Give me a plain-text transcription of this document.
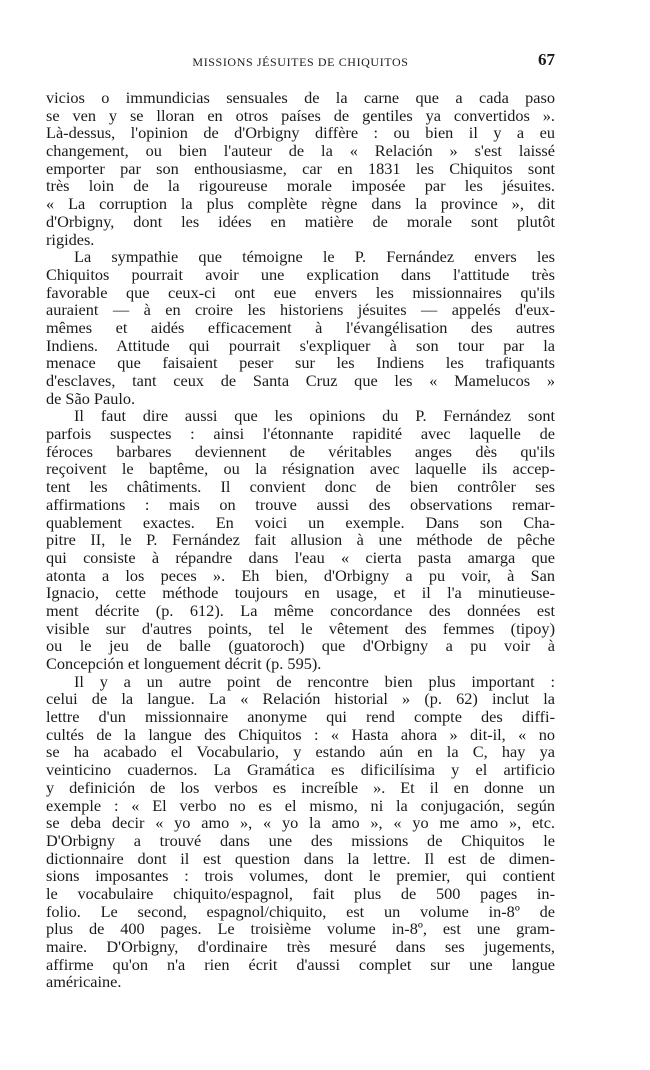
MISSIONS JÉSUITES DE CHIQUITOS	67
vicios o immundicias sensuales de la carne que a cada paso
se ven y se lloran en otros países de gentiles ya convertidos ».
Là-dessus, l'opinion de d'Orbigny diffère : ou bien il y a eu
changement, ou bien l'auteur de la « Relación » s'est laissé
emporter par son enthousiasme, car en 1831 les Chiquitos sont
très loin de la rigoureuse morale imposée par les jésuites.
« La corruption la plus complète règne dans la province », dit
d'Orbigny, dont les idées en matière de morale sont plutôt
rigides.
La sympathie que témoigne le P. Fernández envers les
Chiquitos pourrait avoir une explication dans l'attitude très
favorable que ceux-ci ont eue envers les missionnaires qu'ils
auraient — à en croire les historiens jésuites — appelés d'eux-
mêmes et aidés efficacement à l'évangélisation des autres
Indiens. Attitude qui pourrait s'expliquer à son tour par la
menace que faisaient peser sur les Indiens les trafiquants
d'esclaves, tant ceux de Santa Cruz que les « Mamelucos »
de São Paulo.
Il faut dire aussi que les opinions du P. Fernández sont
parfois suspectes : ainsi l'étonnante rapidité avec laquelle de
féroces barbares deviennent de véritables anges dès qu'ils
reçoivent le baptême, ou la résignation avec laquelle ils accep-
tent les châtiments. Il convient donc de bien contrôler ses
affirmations : mais on trouve aussi des observations remar-
quablement exactes. En voici un exemple. Dans son Cha-
pitre II, le P. Fernández fait allusion à une méthode de pêche
qui consiste à répandre dans l'eau « cierta pasta amarga que
atonta a los peces ». Eh bien, d'Orbigny a pu voir, à San
Ignacio, cette méthode toujours en usage, et il l'a minutieuse-
ment décrite (p. 612). La même concordance des données est
visible sur d'autres points, tel le vêtement des femmes (tipoy)
ou le jeu de balle (guatoroch) que d'Orbigny a pu voir à
Concepción et longuement décrit (p. 595).
Il y a un autre point de rencontre bien plus important :
celui de la langue. La « Relación historial » (p. 62) inclut la
lettre d'un missionnaire anonyme qui rend compte des diffi-
cultés de la langue des Chiquitos : « Hasta ahora » dit-il, « no
se ha acabado el Vocabulario, y estando aún en la C, hay ya
veinticino cuadernos. La Gramática es dificilísima y el artificio
y definición de los verbos es increíble ». Et il en donne un
exemple : « El verbo no es el mismo, ni la conjugación, según
se deba decir « yo amo », « yo la amo », « yo me amo », etc.
D'Orbigny a trouvé dans une des missions de Chiquitos le
dictionnaire dont il est question dans la lettre. Il est de dimen-
sions imposantes : trois volumes, dont le premier, qui contient
le vocabulaire chiquito/espagnol, fait plus de 500 pages in-
folio. Le second, espagnol/chiquito, est un volume in-8º de
plus de 400 pages. Le troisième volume in-8º, est une gram-
maire. D'Orbigny, d'ordinaire très mesuré dans ses jugements,
affirme qu'on n'a rien écrit d'aussi complet sur une langue
américaine.
